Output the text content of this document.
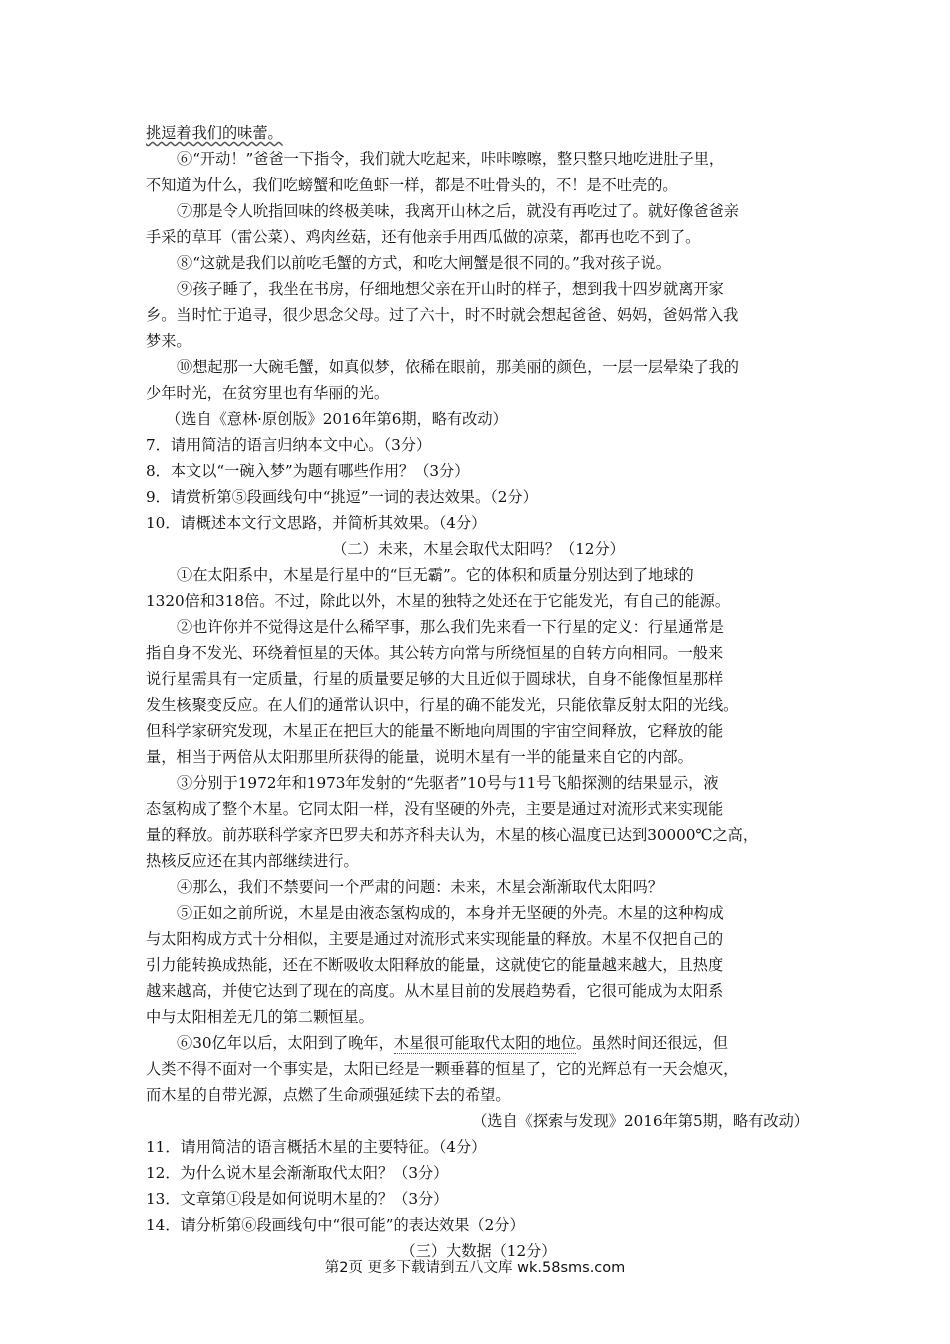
挑逗着我们的味蕾。
⑥“开动！”爸爸一下指令，我们就大吃起来，咔咔嚓嚓，整只整只地吃进肚子里，
不知道为什么，我们吃螃蟹和吃鱼虾一样，都是不吐骨头的，不！是不吐壳的。
⑦那是令人吮指回味的终极美味，我离开山林之后，就没有再吃过了。就好像爸爸亲
手采的草耳（雷公菜）、鸡肉丝菇，还有他亲手用西瓜做的凉菜，都再也吃不到了。
⑧“这就是我们以前吃毛蟹的方式，和吃大闸蟹是很不同的。”我对孩子说。
⑨孩子睡了，我坐在书房，仔细地想父亲在开山时的样子，想到我十四岁就离开家
乡。当时忙于追寻，很少思念父母。过了六十，时不时就会想起爸爸、妈妈，爸妈常入我
梦来。
⑩想起那一大碗毛蟹，如真似梦，依稀在眼前，那美丽的颜色，一层一层晕染了我的
少年时光，在贫穷里也有华丽的光。
（选自《意林·原创版》2016年第6期，略有改动）
7．请用简洁的语言归纳本文中心。（3分）
8．本文以“一碗入梦”为题有哪些作用？（3分）
9．请赏析第⑤段画线句中“挑逗”一词的表达效果。（2分）
10．请概述本文行文思路，并简析其效果。（4分）
（二）未来，木星会取代太阳吗？（12分）
①在太阳系中，木星是行星中的“巨无霸”。它的体积和质量分别达到了地球的
1320倍和318倍。不过，除此以外，木星的独特之处还在于它能发光，有自己的能源。
②也许你并不觉得这是什么稀罕事，那么我们先来看一下行星的定义：行星通常是
指自身不发光、环绕着恒星的天体。其公转方向常与所绕恒星的自转方向相同。一般来
说行星需具有一定质量，行星的质量要足够的大且近似于圆球状，自身不能像恒星那样
发生核聚变反应。在人们的通常认识中，行星的确不能发光，只能依靠反射太阳的光线。
但科学家研究发现，木星正在把巨大的能量不断地向周围的宇宙空间释放，它释放的能
量，相当于两倍从太阳那里所获得的能量，说明木星有一半的能量来自它的内部。
③分别于1972年和1973年发射的“先驱者”10号与11号飞船探测的结果显示，液
态氢构成了整个木星。它同太阳一样，没有坚硬的外壳，主要是通过对流形式来实现能
量的释放。前苏联科学家齐巴罗夫和苏齐科夫认为，木星的核心温度已达到30000℃之高，
热核反应还在其内部继续进行。
④那么，我们不禁要问一个严肃的问题：未来，木星会渐渐取代太阳吗？
⑤正如之前所说，木星是由液态氢构成的，本身并无坚硬的外壳。木星的这种构成
与太阳构成方式十分相似，主要是通过对流形式来实现能量的释放。木星不仅把自己的
引力能转换成热能，还在不断吸收太阳释放的能量，这就使它的能量越来越大，且热度
越来越高，并使它达到了现在的高度。从木星目前的发展趋势看，它很可能成为太阳系
中与太阳相差无几的第二颗恒星。
⑥30亿年以后，太阳到了晚年，木星很可能取代太阳的地位。虽然时间还很远，但
人类不得不面对一个事实是，太阳已经是一颗垂暮的恒星了，它的光辉总有一天会熄灭，
而木星的自带光源，点燃了生命顽强延续下去的希望。
（选自《探索与发现》2016年第5期，略有改动）
11．请用简洁的语言概括木星的主要特征。（4分）
12．为什么说木星会渐渐取代太阳？（3分）
13．文章第①段是如何说明木星的？（3分）
14．请分析第⑥段画线句中“很可能”的表达效果（2分）
（三）大数据（12分）
第2页 更多下载请到五八文库 wk.58sms.com
